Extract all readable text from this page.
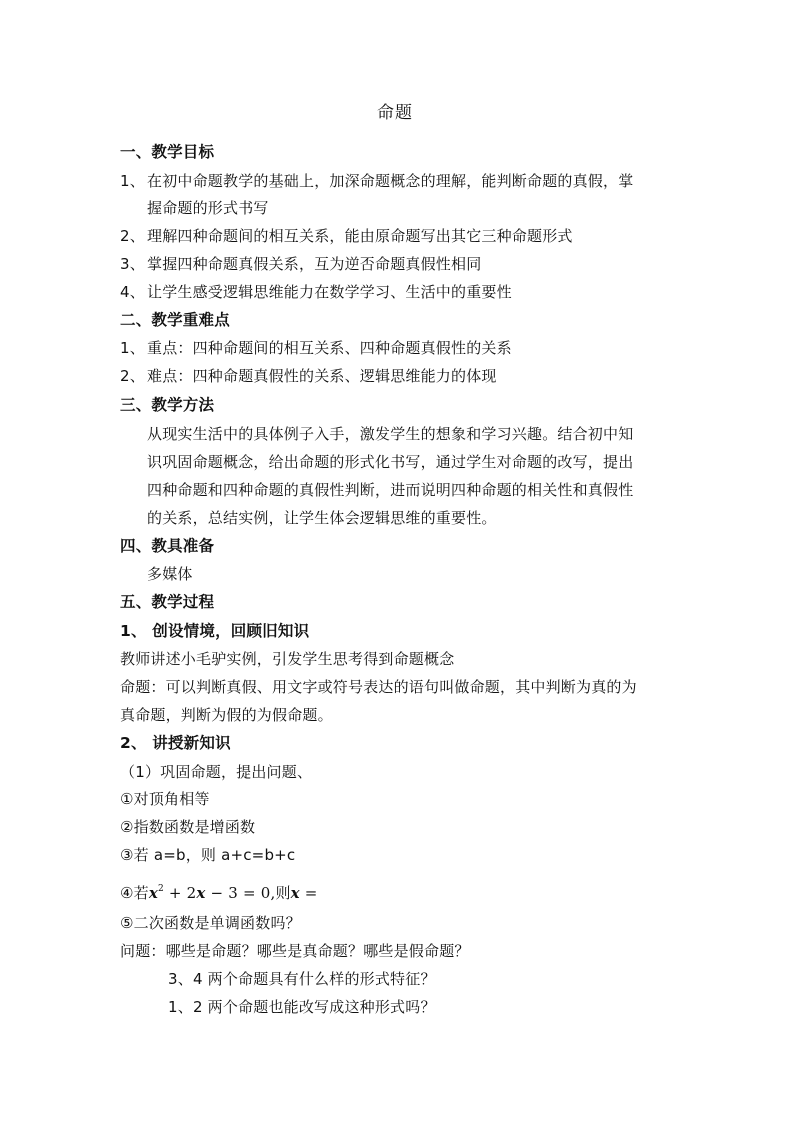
命题
一、教学目标
1、 在初中命题教学的基础上，加深命题概念的理解，能判断命题的真假，掌
握命题的形式书写
2、 理解四种命题间的相互关系，能由原命题写出其它三种命题形式
3、 掌握四种命题真假关系，互为逆否命题真假性相同
4、 让学生感受逻辑思维能力在数学学习、生活中的重要性
二、教学重难点
1、 重点：四种命题间的相互关系、四种命题真假性的关系
2、 难点：四种命题真假性的关系、逻辑思维能力的体现
三、教学方法
从现实生活中的具体例子入手，激发学生的想象和学习兴趣。结合初中知
识巩固命题概念，给出命题的形式化书写，通过学生对命题的改写，提出
四种命题和四种命题的真假性判断，进而说明四种命题的相关性和真假性
的关系，总结实例，让学生体会逻辑思维的重要性。
四、教具准备
多媒体
五、教学过程
1、 创设情境，回顾旧知识
教师讲述小毛驴实例，引发学生思考得到命题概念
命题：可以判断真假、用文字或符号表达的语句叫做命题，其中判断为真的为
真命题，判断为假的为假命题。
2、 讲授新知识
（1）巩固命题，提出问题、
①对顶角相等
②指数函数是增函数
③若 a=b，则 a+c=b+c
④若$x^2 + 2x - 3 = 0$,则x =
⑤二次函数是单调函数吗？
问题：哪些是命题？哪些是真命题？哪些是假命题？
3、4 两个命题具有什么样的形式特征？
1、2 两个命题也能改写成这种形式吗？
